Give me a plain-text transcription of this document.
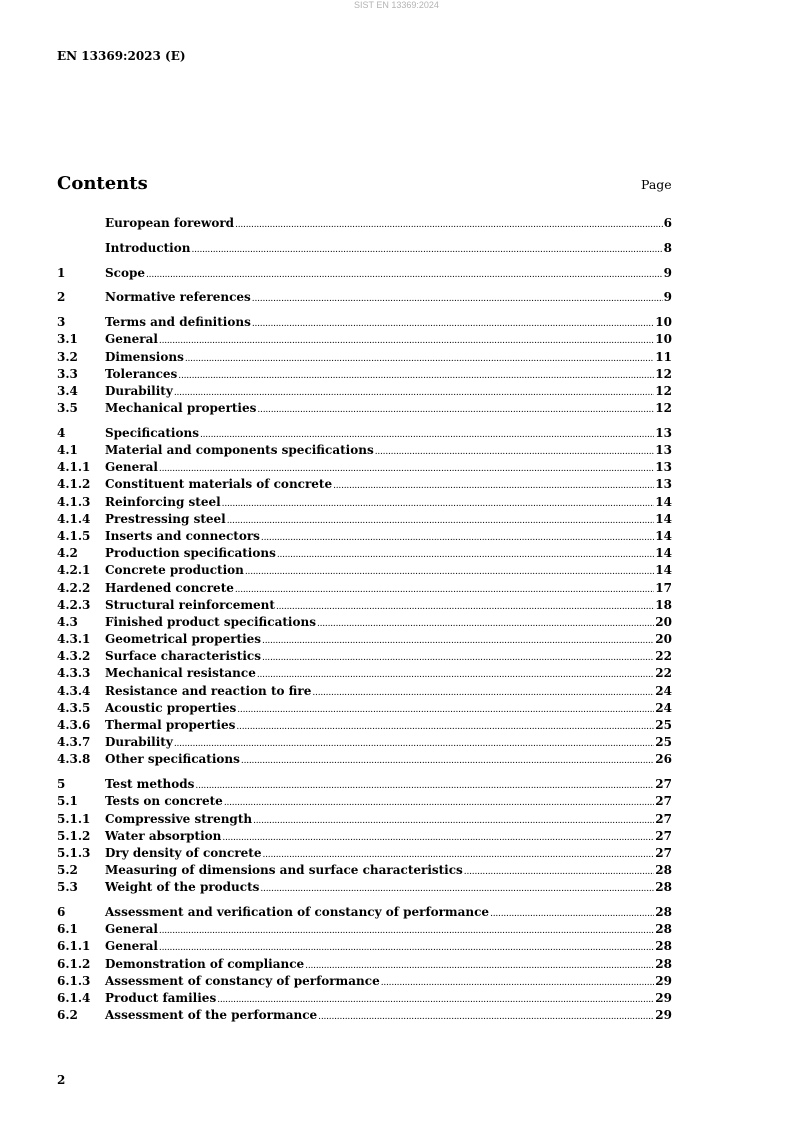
SIST EN 13369:2024
EN 13369:2023 (E)
Contents	Page
European foreword .....	6
Introduction .....	8
1	Scope .....	9
2	Normative references .....	9
3	Terms and definitions .....	10
3.1	General .....	10
3.2	Dimensions .....	11
3.3	Tolerances .....	12
3.4	Durability .....	12
3.5	Mechanical properties .....	12
4	Specifications .....	13
4.1	Material and components specifications .....	13
4.1.1	General .....	13
4.1.2	Constituent materials of concrete .....	13
4.1.3	Reinforcing steel .....	14
4.1.4	Prestressing steel .....	14
4.1.5	Inserts and connectors .....	14
4.2	Production specifications .....	14
4.2.1	Concrete production .....	14
4.2.2	Hardened concrete .....	17
4.2.3	Structural reinforcement .....	18
4.3	Finished product specifications .....	20
4.3.1	Geometrical properties .....	20
4.3.2	Surface characteristics .....	22
4.3.3	Mechanical resistance .....	22
4.3.4	Resistance and reaction to fire .....	24
4.3.5	Acoustic properties .....	24
4.3.6	Thermal properties .....	25
4.3.7	Durability .....	25
4.3.8	Other specifications .....	26
5	Test methods .....	27
5.1	Tests on concrete .....	27
5.1.1	Compressive strength .....	27
5.1.2	Water absorption .....	27
5.1.3	Dry density of concrete .....	27
5.2	Measuring of dimensions and surface characteristics .....	28
5.3	Weight of the products .....	28
6	Assessment and verification of constancy of performance .....	28
6.1	General .....	28
6.1.1	General .....	28
6.1.2	Demonstration of compliance .....	28
6.1.3	Assessment of constancy of performance .....	29
6.1.4	Product families .....	29
6.2	Assessment of the performance .....	29
2
